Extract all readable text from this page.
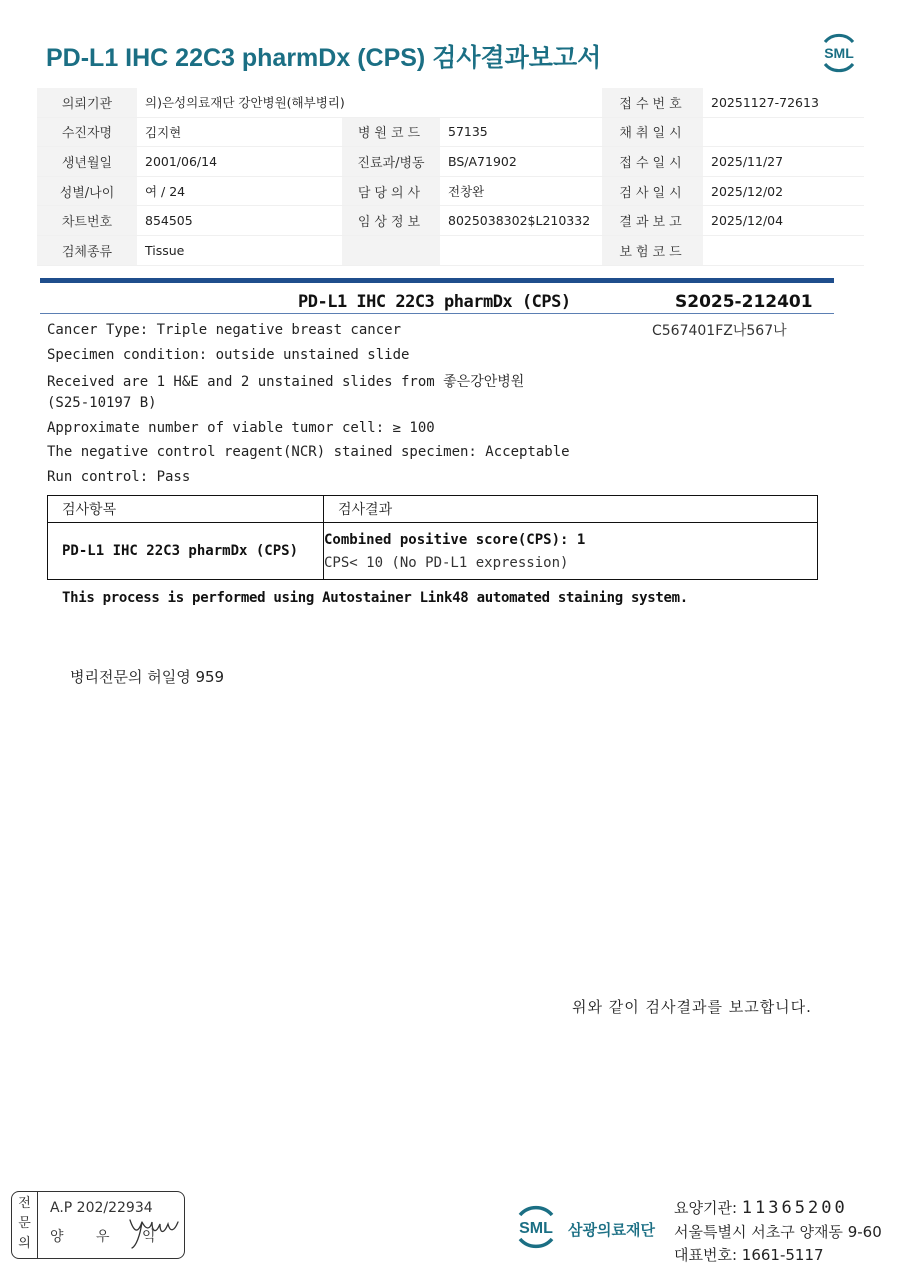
PD-L1 IHC 22C3 pharmDx (CPS) 검사결과보고서	SML
의뢰기관	의)은성의료재단 강안병원(해부병리)			접수번호	20251127-72613
수진자명	김지현	병원코드	57135	채취일시	
생년월일	2001/06/14	진료과/병동	BS/A71902	접수일시	2025/11/27
성별/나이	여 / 24	담당의사	전창완	검사일시	2025/12/02
차트번호	854505	임상정보	8025038302$L210332	결과보고	2025/12/04
검체종류	Tissue			보험코드	
PD-L1 IHC 22C3 pharmDx (CPS)	S2025-212401
C567401FZ나567나
Cancer Type: Triple negative breast cancer
Specimen condition: outside unstained slide
Received are 1 H&E and 2 unstained slides from 좋은강안병원
(S25-10197 B)
Approximate number of viable tumor cell: ≥ 100
The negative control reagent(NCR) stained specimen: Acceptable
Run control: Pass
검사항목	검사결과
PD-L1 IHC 22C3 pharmDx (CPS)	Combined positive score(CPS): 1
CPS< 10 (No PD-L1 expression)
This process is performed using Autostainer Link48 automated staining system.
병리전문의 허일영 959
위와 같이 검사결과를 보고합니다.
전
문
의
A.P 202/22934
양 우 익	SML 삼광의료재단
요양기관: 11365200
서울특별시 서초구 양재동 9-60
대표번호: 1661-5117
